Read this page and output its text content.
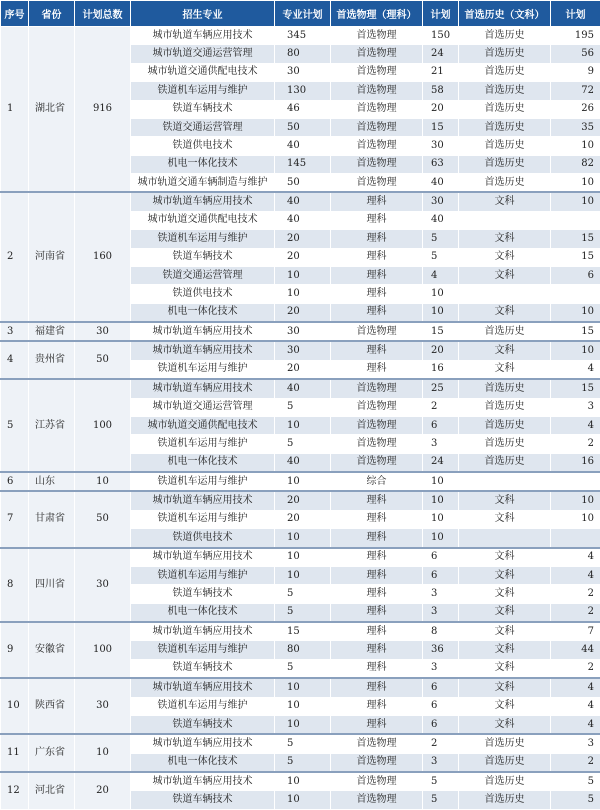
序号	省份	计划总数	招生专业	专业计划	首选物理（理科）	计划	首选历史（文科）	计划
1	湖北省	916	城市轨道车辆应用技术	345	首选物理	150	首选历史	195
			城市轨道交通运营管理	80	首选物理	24	首选历史	56
			城市轨道交通供配电技术	30	首选物理	21	首选历史	9
			铁道机车运用与维护	130	首选物理	58	首选历史	72
			铁道车辆技术	46	首选物理	20	首选历史	26
			铁道交通运营管理	50	首选物理	15	首选历史	35
			铁道供电技术	40	首选物理	30	首选历史	10
			机电一体化技术	145	首选物理	63	首选历史	82
			城市轨道交通车辆制造与维护	50	首选物理	40	首选历史	10
2	河南省	160	城市轨道车辆应用技术	40	理科	30	文科	10
			城市轨道交通供配电技术	40	理科	40		
			铁道机车运用与维护	20	理科	5	文科	15
			铁道车辆技术	20	理科	5	文科	15
			铁道交通运营管理	10	理科	4	文科	6
			铁道供电技术	10	理科	10		
			机电一体化技术	20	理科	10	文科	10
3	福建省	30	城市轨道车辆应用技术	30	首选物理	15	首选历史	15
4	贵州省	50	城市轨道车辆应用技术	30	理科	20	文科	10
			铁道机车运用与维护	20	理科	16	文科	4
5	江苏省	100	城市轨道车辆应用技术	40	首选物理	25	首选历史	15
			城市轨道交通运营管理	5	首选物理	2	首选历史	3
			城市轨道交通供配电技术	10	首选物理	6	首选历史	4
			铁道机车运用与维护	5	首选物理	3	首选历史	2
			机电一体化技术	40	首选物理	24	首选历史	16
6	山东	10	铁道机车运用与维护	10	综合	10		
7	甘肃省	50	城市轨道车辆应用技术	20	理科	10	文科	10
			铁道机车运用与维护	20	理科	10	文科	10
			铁道供电技术	10	理科	10		
8	四川省	30	城市轨道车辆应用技术	10	理科	6	文科	4
			铁道机车运用与维护	10	理科	6	文科	4
			铁道车辆技术	5	理科	3	文科	2
			机电一体化技术	5	理科	3	文科	2
9	安徽省	100	城市轨道车辆应用技术	15	理科	8	文科	7
			铁道机车运用与维护	80	理科	36	文科	44
			铁道车辆技术	5	理科	3	文科	2
10	陕西省	30	城市轨道车辆应用技术	10	理科	6	文科	4
			铁道机车运用与维护	10	理科	6	文科	4
			铁道车辆技术	10	理科	6	文科	4
11	广东省	10	城市轨道车辆应用技术	5	首选物理	2	首选历史	3
			机电一体化技术	5	首选物理	3	首选历史	2
12	河北省	20	城市轨道车辆应用技术	10	首选物理	5	首选历史	5
			铁道车辆技术	10	首选物理	5	首选历史	5
